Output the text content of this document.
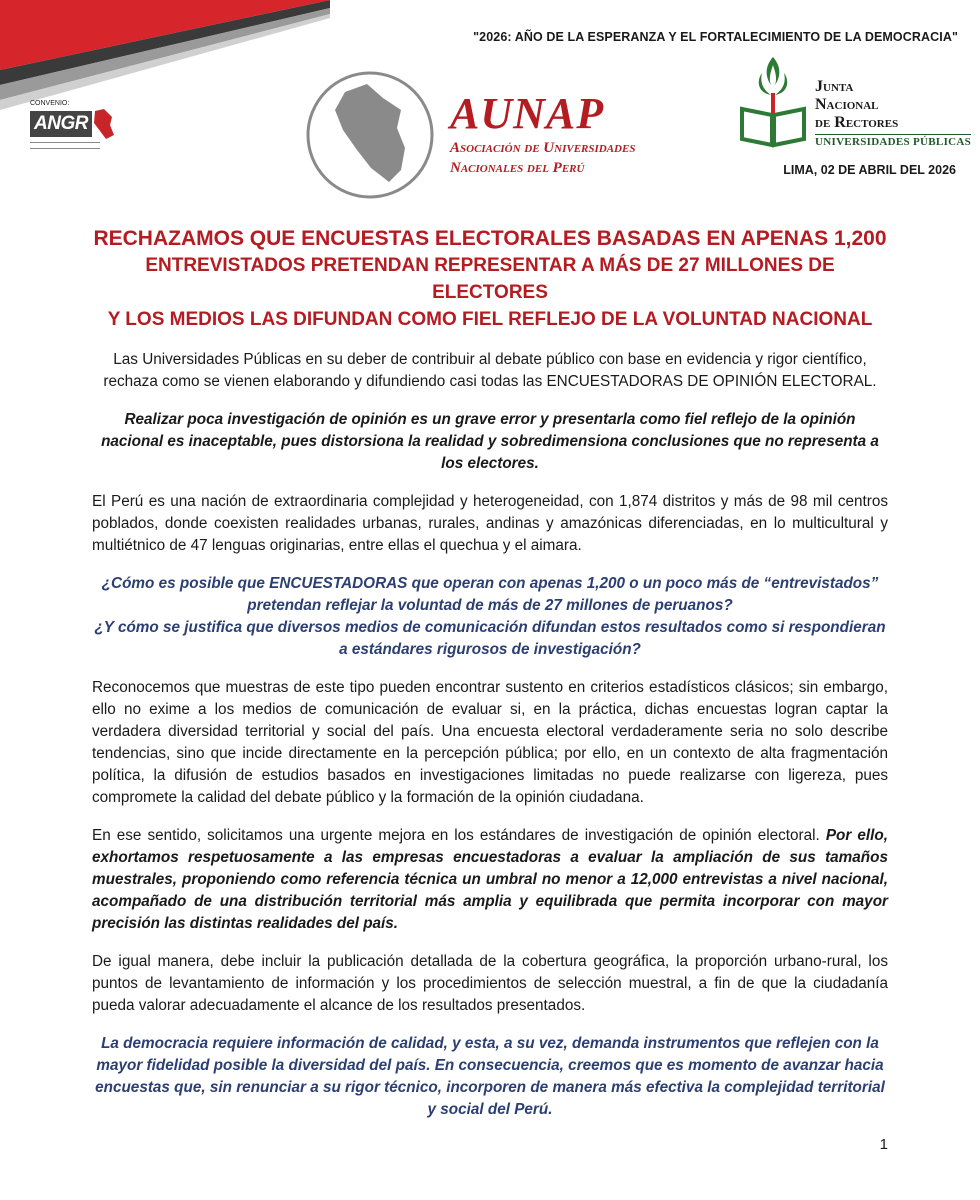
"2026: AÑO DE LA ESPERANZA Y EL FORTALECIMIENTO DE LA DEMOCRACIA"
CONVENIO:
ANGR	AUNAP
Asociación de Universidades
Nacionales del Perú
Junta
Nacional
de Rectores
UNIVERSIDADES PÚBLICAS
LIMA, 02 DE ABRIL DEL 2026
RECHAZAMOS QUE ENCUESTAS ELECTORALES BASADAS EN APENAS 1,200
ENTREVISTADOS PRETENDAN REPRESENTAR A MÁS DE 27 MILLONES DE ELECTORES
Y LOS MEDIOS LAS DIFUNDAN COMO FIEL REFLEJO DE LA VOLUNTAD NACIONAL

Las Universidades Públicas en su deber de contribuir al debate público con base en evidencia y rigor científico, rechaza como se vienen elaborando y difundiendo casi todas las ENCUESTADORAS DE OPINIÓN ELECTORAL.

Realizar poca investigación de opinión es un grave error y presentarla como fiel reflejo de la opinión nacional es inaceptable, pues distorsiona la realidad y sobredimensiona conclusiones que no representa a los electores.

El Perú es una nación de extraordinaria complejidad y heterogeneidad, con 1,874 distritos y más de 98 mil centros poblados, donde coexisten realidades urbanas, rurales, andinas y amazónicas diferenciadas, en lo multicultural y multiétnico de 47 lenguas originarias, entre ellas el quechua y el aimara.

¿Cómo es posible que ENCUESTADORAS que operan con apenas 1,200 o un poco más de “entrevistados” pretendan reflejar la voluntad de más de 27 millones de peruanos?
¿Y cómo se justifica que diversos medios de comunicación difundan estos resultados como si respondieran a estándares rigurosos de investigación?

Reconocemos que muestras de este tipo pueden encontrar sustento en criterios estadísticos clásicos; sin embargo, ello no exime a los medios de comunicación de evaluar si, en la práctica, dichas encuestas logran captar la verdadera diversidad territorial y social del país. Una encuesta electoral verdaderamente seria no solo describe tendencias, sino que incide directamente en la percepción pública; por ello, en un contexto de alta fragmentación política, la difusión de estudios basados en investigaciones limitadas no puede realizarse con ligereza, pues compromete la calidad del debate público y la formación de la opinión ciudadana.

En ese sentido, solicitamos una urgente mejora en los estándares de investigación de opinión electoral. Por ello, exhortamos respetuosamente a las empresas encuestadoras a evaluar la ampliación de sus tamaños muestrales, proponiendo como referencia técnica un umbral no menor a 12,000 entrevistas a nivel nacional, acompañado de una distribución territorial más amplia y equilibrada que permita incorporar con mayor precisión las distintas realidades del país.

De igual manera, debe incluir la publicación detallada de la cobertura geográfica, la proporción urbano-rural, los puntos de levantamiento de información y los procedimientos de selección muestral, a fin de que la ciudadanía pueda valorar adecuadamente el alcance de los resultados presentados.

La democracia requiere información de calidad, y esta, a su vez, demanda instrumentos que reflejen con la mayor fidelidad posible la diversidad del país. En consecuencia, creemos que es momento de avanzar hacia encuestas que, sin renunciar a su rigor técnico, incorporen de manera más efectiva la complejidad territorial y social del Perú.

1
